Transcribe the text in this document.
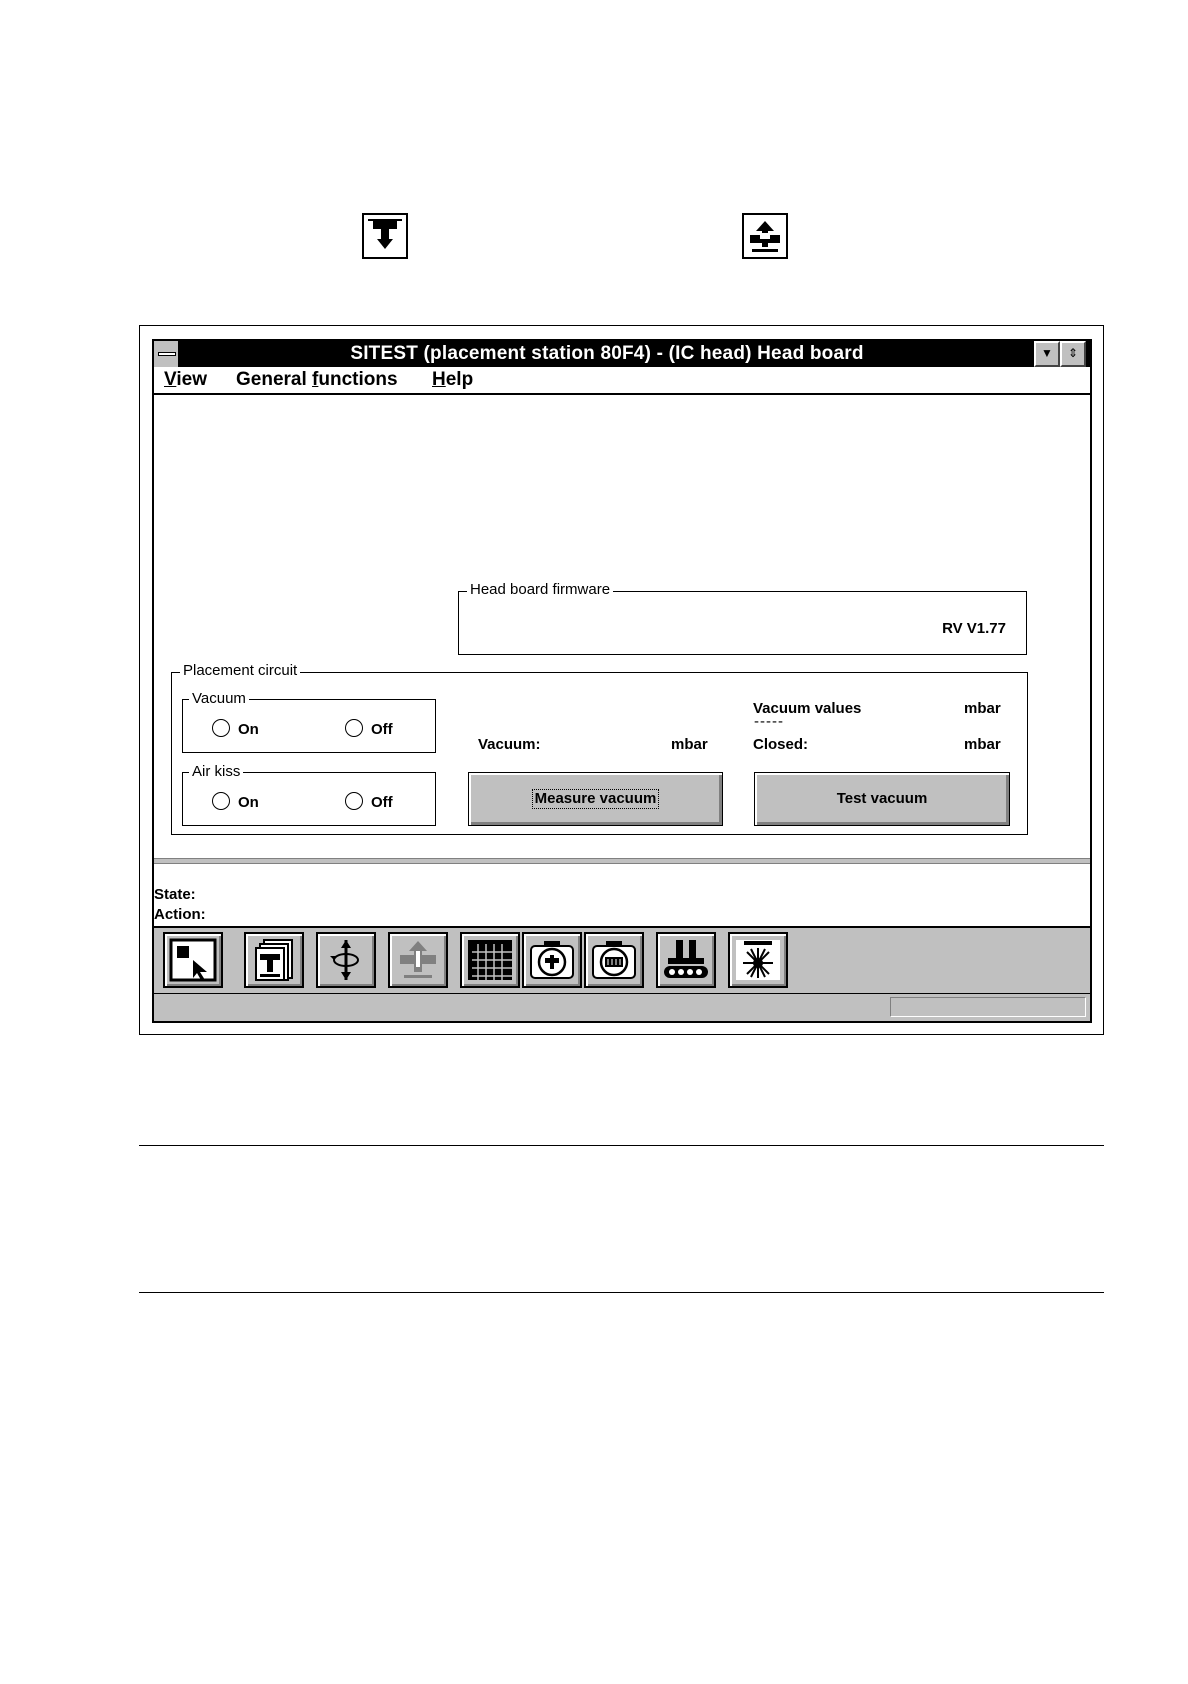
SITEST (placement station 80F4) - (IC head) Head board	▼	⇕
View General functions Help
Head board firmware
RV V1.77
Placement circuit
Vacuum
On	Off
Air kiss
On	Off
Vacuum:	mbar
Vacuum values	mbar
-----
Closed:	mbar
Measure vacuum	Test vacuum
State:
Action:
